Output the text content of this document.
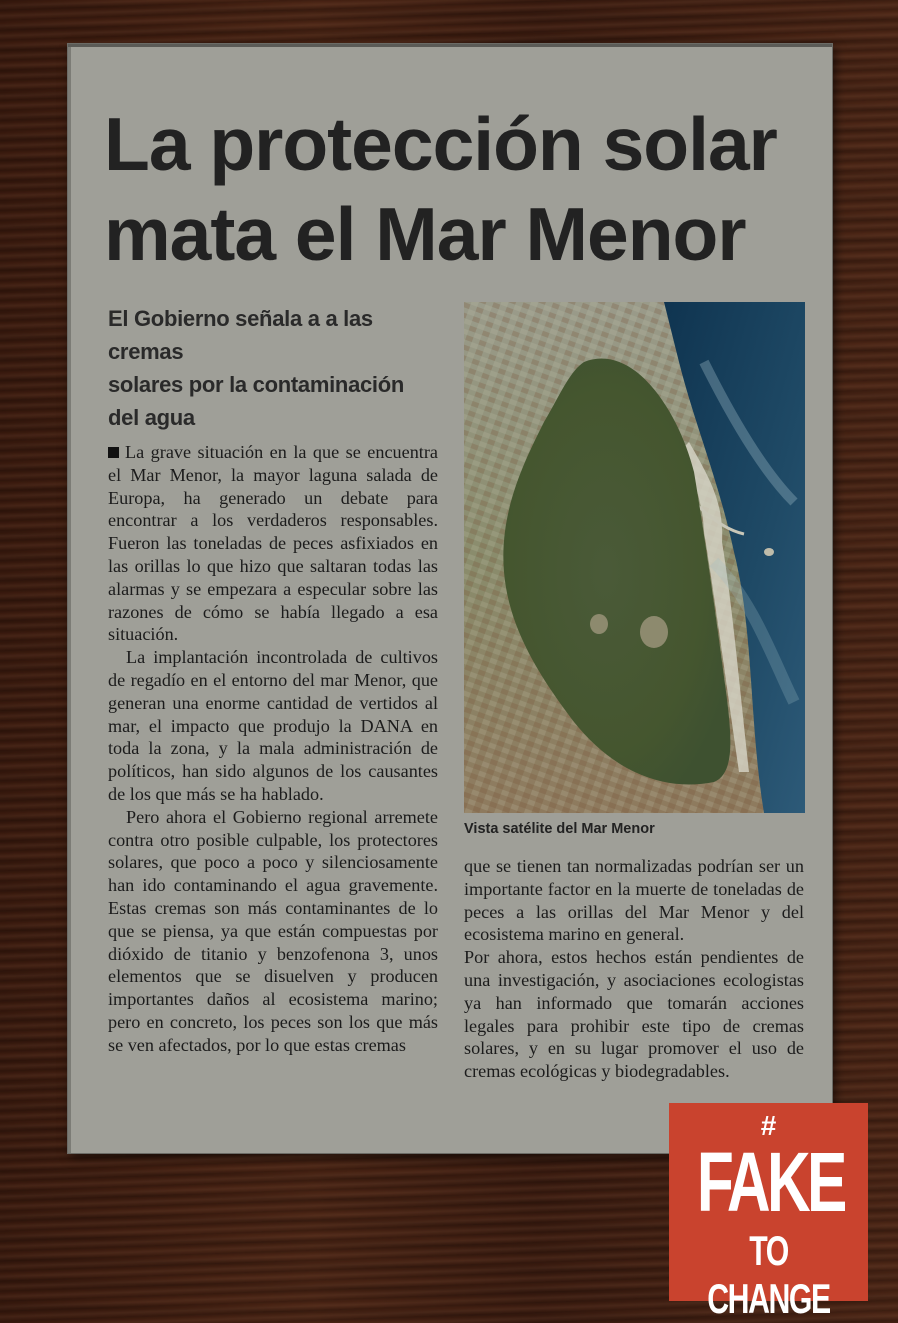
La protección solar
mata el Mar Menor
El Gobierno señala a a las cremas
solares por la contaminación
del agua

La grave situación en la que se encuentra el Mar Menor, la mayor laguna salada de Europa, ha generado un debate para encontrar a los verdaderos responsables. Fueron las toneladas de peces asfixiados en las orillas lo que hizo que saltaran todas las alarmas y se empezara a especular sobre las razones de cómo se había llegado a esa situación.

La implantación incontrolada de cultivos de regadío en el entorno del mar Menor, que generan una enorme cantidad de vertidos al mar, el impacto que produjo la DANA en toda la zona, y la mala administración de políticos, han sido algunos de los causantes de los que más se ha hablado.

Pero ahora el Gobierno regional arremete contra otro posible culpable, los protectores solares, que poco a poco y silenciosamente han ido contaminando el agua gravemente. Estas cremas son más contaminantes de lo que se piensa, ya que están compuestas por dióxido de titanio y benzofenona 3, unos elementos que se disuelven y producen importantes daños al ecosistema marino; pero en concreto, los peces son los que más se ven afectados, por lo que estas cremas

Vista satélite del Mar Menor

que se tienen tan normalizadas podrían ser un importante factor en la muerte de toneladas de peces a las orillas del Mar Menor y del ecosistema marino en general.

Por ahora, estos hechos están pendientes de una investigación, y asociaciones ecologistas ya han informado que tomarán acciones legales para prohibir este tipo de cremas solares, y en su lugar promover el uso de cremas ecológicas y biodegradables.

#
FAKE
TO CHANGE
